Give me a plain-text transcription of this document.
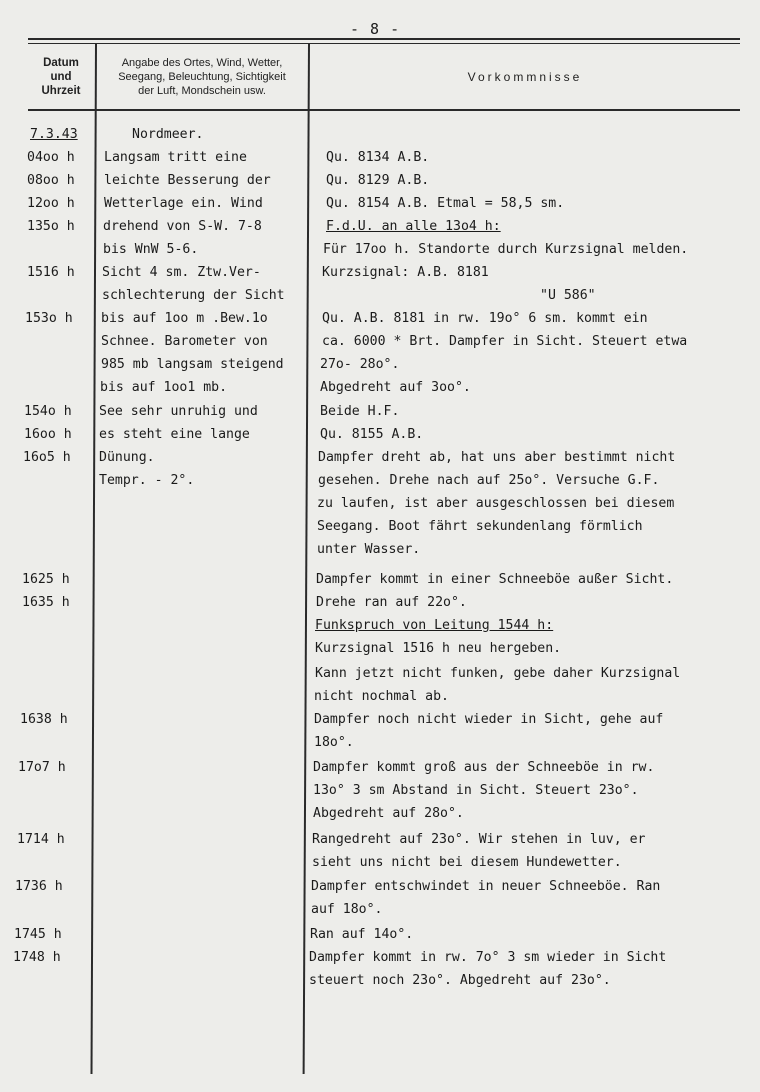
- 8 -
Datum
und
Uhrzeit
Angabe des Ortes, Wind, Wetter,
Seegang, Beleuchtung, Sichtigkeit
der Luft, Mondschein usw.
Vorkommnisse
7.3.43
04oo h
08oo h
12oo h
135o h
1516 h
153o h
154o h
16oo h
16o5 h
1625 h
1635 h
1638 h
17o7 h
1714 h
1736 h
1745 h
1748 h
Nordmeer.
Langsam tritt eine
leichte Besserung der
Wetterlage ein. Wind
drehend von S-W. 7-8
bis WnW 5-6.
Sicht 4 sm. Ztw.Ver-
schlechterung der Sicht
bis auf 1oo m .Bew.1o
Schnee. Barometer von
985 mb langsam steigend
bis auf 1oo1 mb.
See sehr unruhig und
es steht eine lange
Dünung.
Tempr. - 2°.
Qu. 8134 A.B.
Qu. 8129 A.B.
Qu. 8154 A.B. Etmal = 58,5 sm.
F.d.U. an alle 13o4 h:
Für 17oo h. Standorte durch Kurzsignal melden.
Kurzsignal: A.B. 8181
"U 586"
Qu. A.B. 8181 in rw. 19o° 6 sm. kommt ein
ca. 6000 * Brt. Dampfer in Sicht. Steuert etwa
27o- 28o°.
Abgedreht auf 3oo°.
Beide H.F.
Qu. 8155 A.B.
Dampfer dreht ab, hat uns aber bestimmt nicht
gesehen. Drehe nach auf 25o°. Versuche G.F.
zu laufen, ist aber ausgeschlossen bei diesem
Seegang. Boot fährt sekundenlang förmlich
unter Wasser.
Dampfer kommt in einer Schneeböe außer Sicht.
Drehe ran auf 22o°.
Funkspruch von Leitung 1544 h:
Kurzsignal 1516 h neu hergeben.
Kann jetzt nicht funken, gebe daher Kurzsignal
nicht nochmal ab.
Dampfer noch nicht wieder in Sicht, gehe auf
18o°.
Dampfer kommt groß aus der Schneeböe in rw.
13o° 3 sm Abstand in Sicht. Steuert 23o°.
Abgedreht auf 28o°.
Rangedreht auf 23o°. Wir stehen in luv, er
sieht uns nicht bei diesem Hundewetter.
Dampfer entschwindet in neuer Schneeböe. Ran
auf 18o°.
Ran auf 14o°.
Dampfer kommt in rw. 7o° 3 sm wieder in Sicht
steuert noch 23o°. Abgedreht auf 23o°.
